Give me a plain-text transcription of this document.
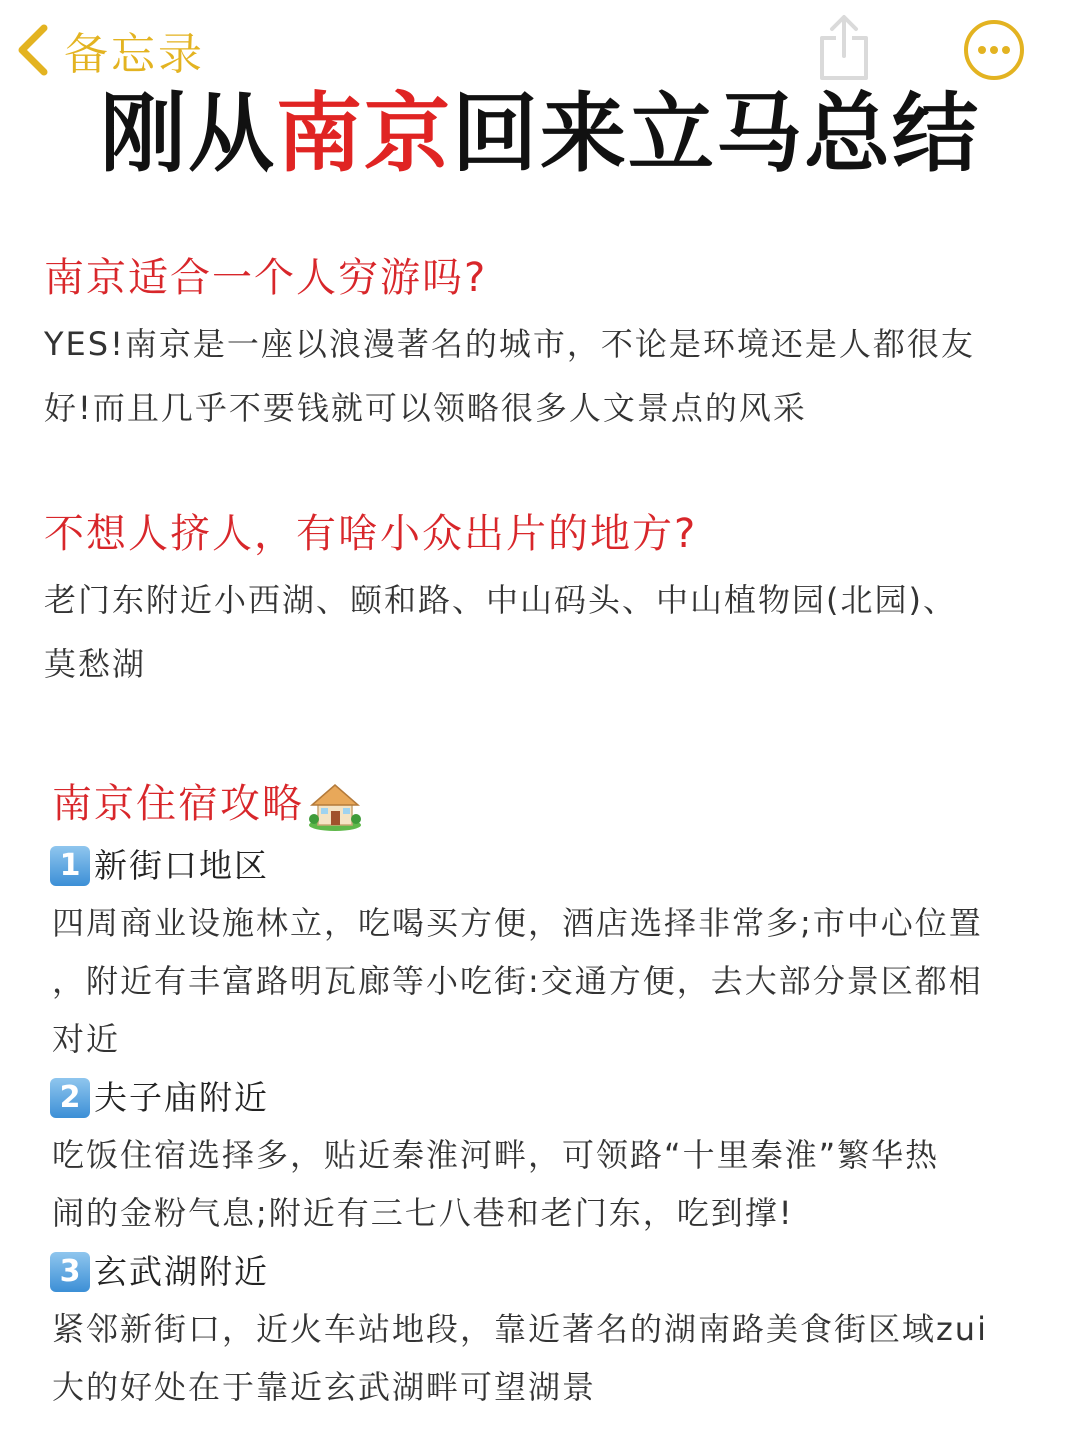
备忘录
刚从南京回来立马总结
南京适合一个人穷游吗?
YES!南京是一座以浪漫著名的城市，不论是环境还是人都很友
好!而且几乎不要钱就可以领略很多人文景点的风采
不想人挤人，有啥小众出片的地方?
老门东附近小西湖、颐和路、中山码头、中山植物园(北园)、
莫愁湖
南京住宿攻略
1 新街口地区
四周商业设施林立，吃喝买方便，酒店选择非常多;市中心位置
，附近有丰富路明瓦廊等小吃街:交通方便，去大部分景区都相
对近
2 夫子庙附近
吃饭住宿选择多，贴近秦淮河畔，可领路“十里秦淮”繁华热
闹的金粉气息;附近有三七八巷和老门东，吃到撑!
3 玄武湖附近
紧邻新街口，近火车站地段，靠近著名的湖南路美食街区域zui
大的好处在于靠近玄武湖畔可望湖景
